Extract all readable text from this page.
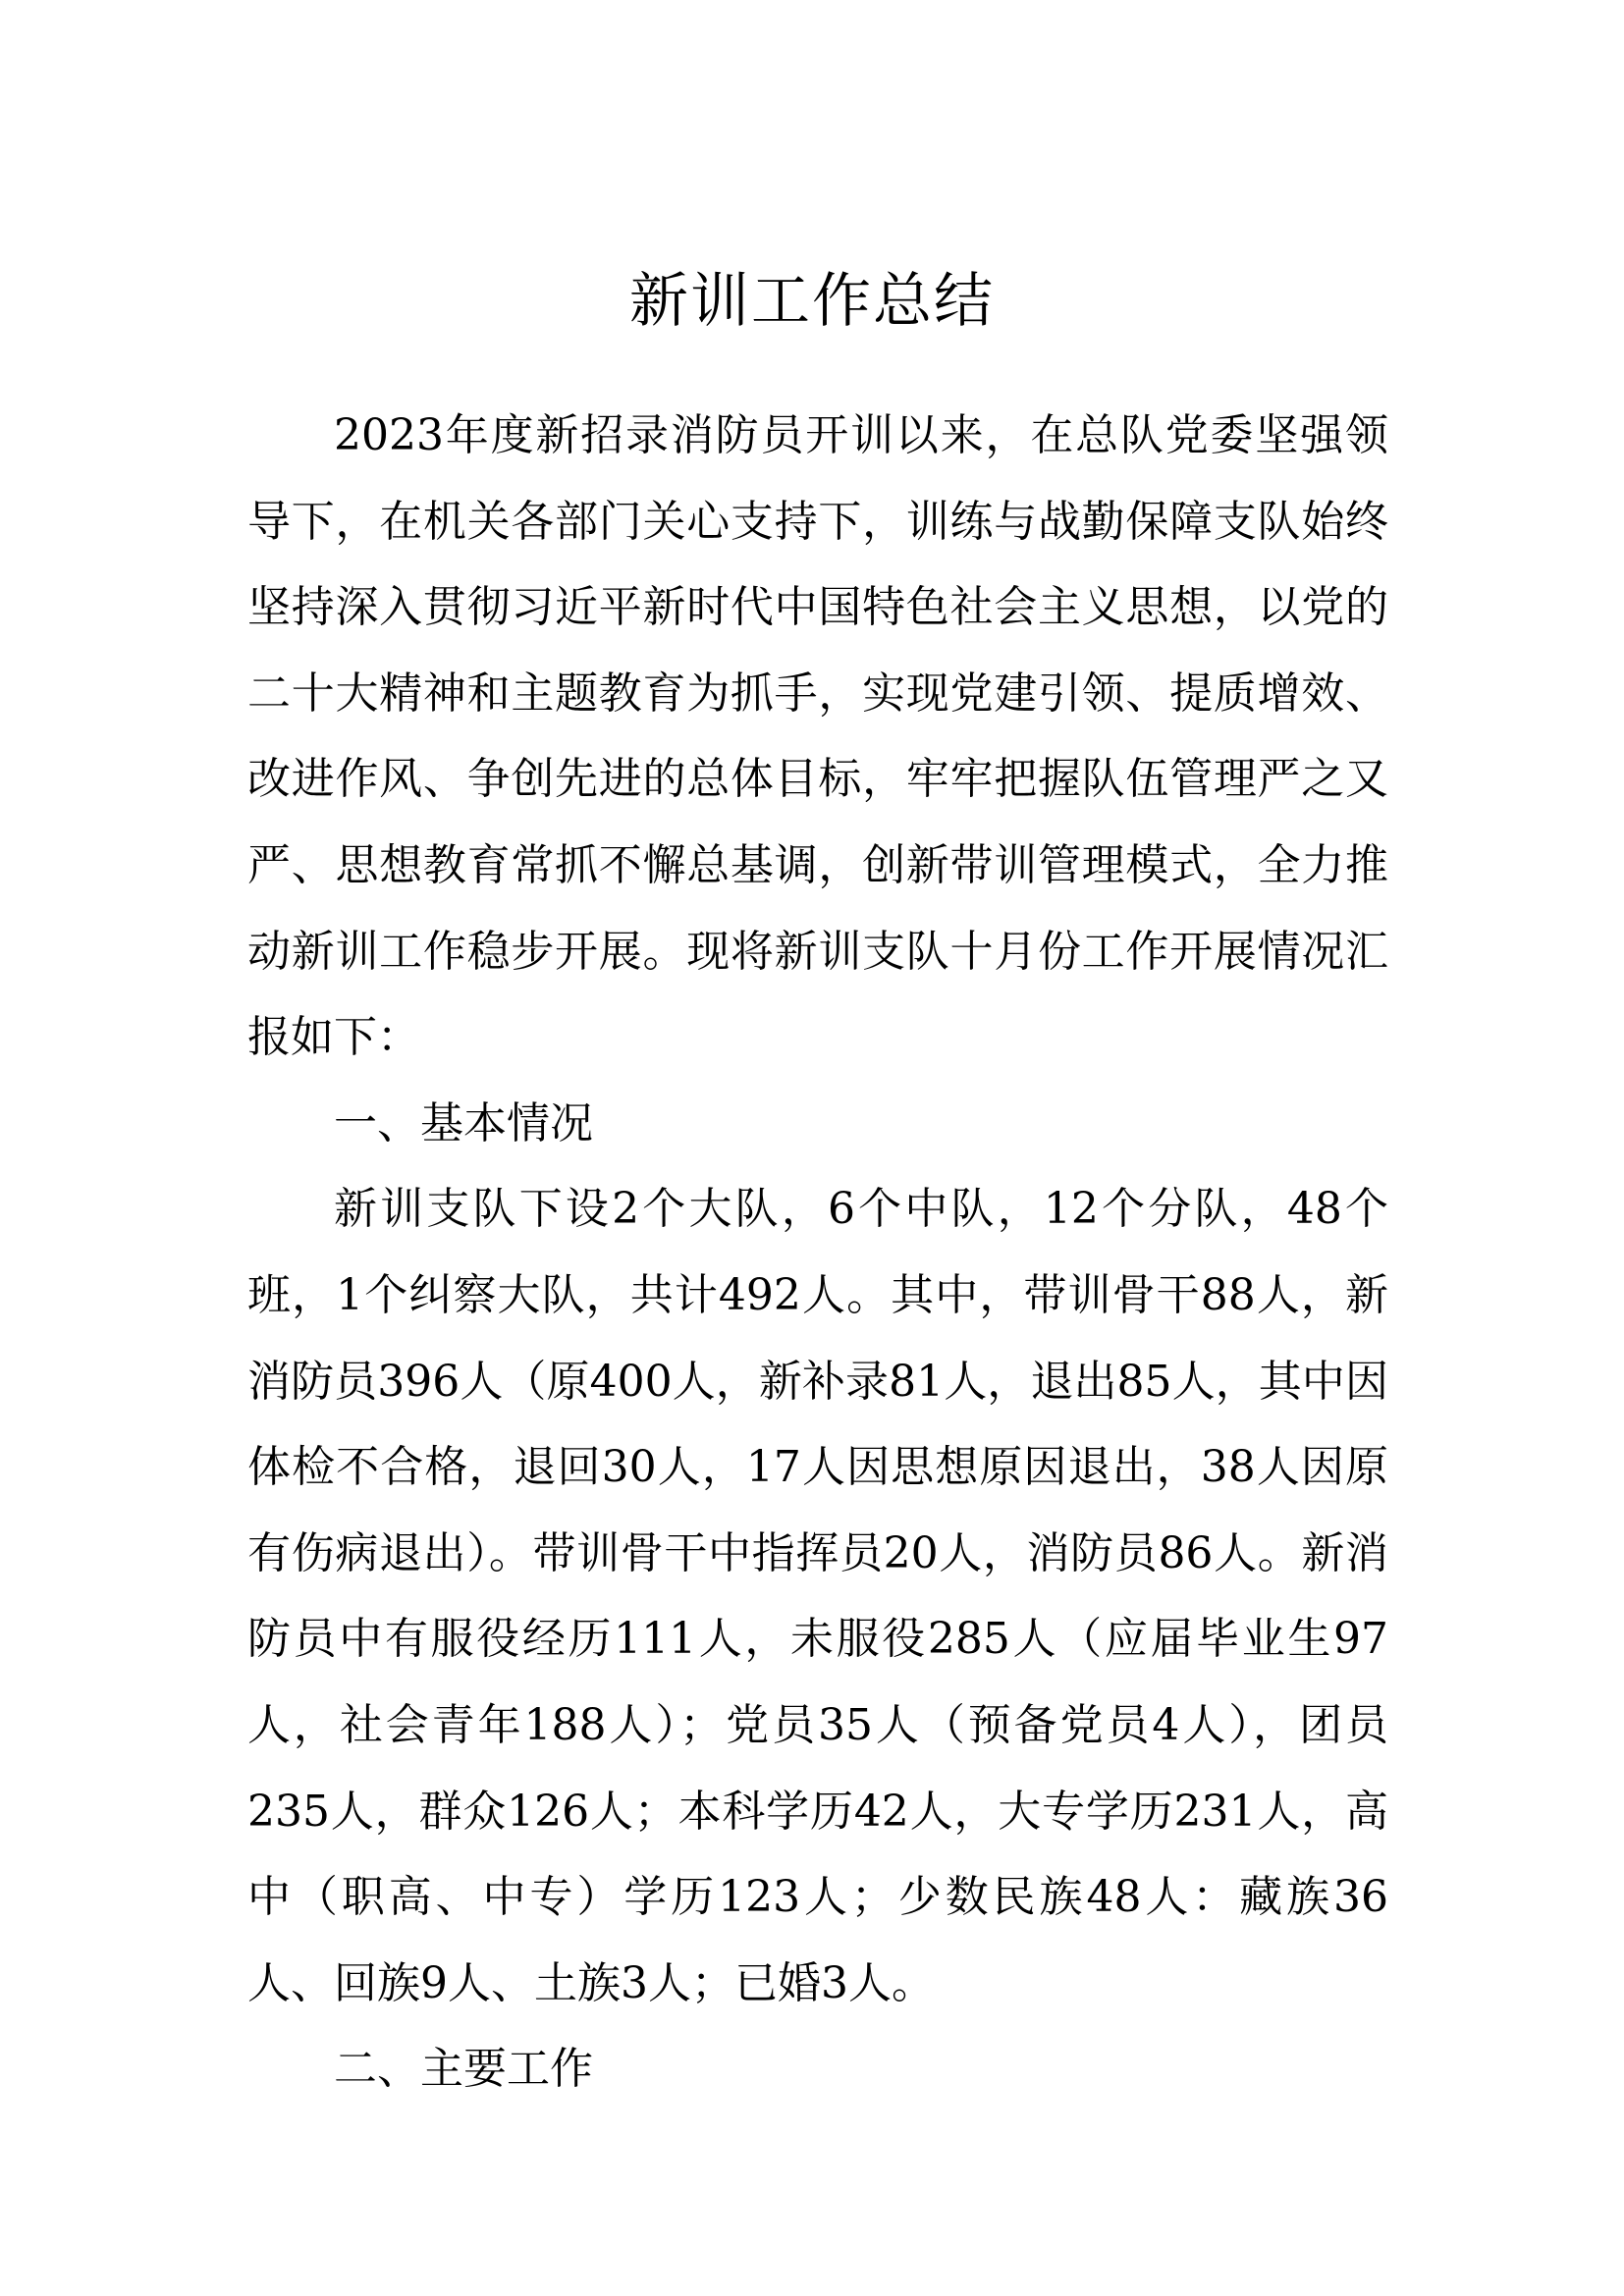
新训工作总结

2023年度新招录消防员开训以来，在总队党委坚强领导下，在机关各部门关心支持下，训练与战勤保障支队始终坚持深入贯彻习近平新时代中国特色社会主义思想，以党的二十大精神和主题教育为抓手，实现党建引领、提质增效、改进作风、争创先进的总体目标，牢牢把握队伍管理严之又严、思想教育常抓不懈总基调，创新带训管理模式，全力推动新训工作稳步开展。现将新训支队十月份工作开展情况汇报如下：

一、基本情况

新训支队下设2个大队，6个中队，12个分队，48个班，1个纠察大队，共计492人。其中，带训骨干88人，新消防员396人（原400人，新补录81人，退出85人，其中因体检不合格，退回30人，17人因思想原因退出，38人因原有伤病退出）。带训骨干中指挥员20人，消防员86人。新消防员中有服役经历111人，未服役285人（应届毕业生97人，社会青年188人）；党员35人（预备党员4人），团员235人，群众126人；本科学历42人，大专学历231人，高中（职高、中专）学历123人；少数民族48人：藏族36人、回族9人、土族3人；已婚3人。

二、主要工作
